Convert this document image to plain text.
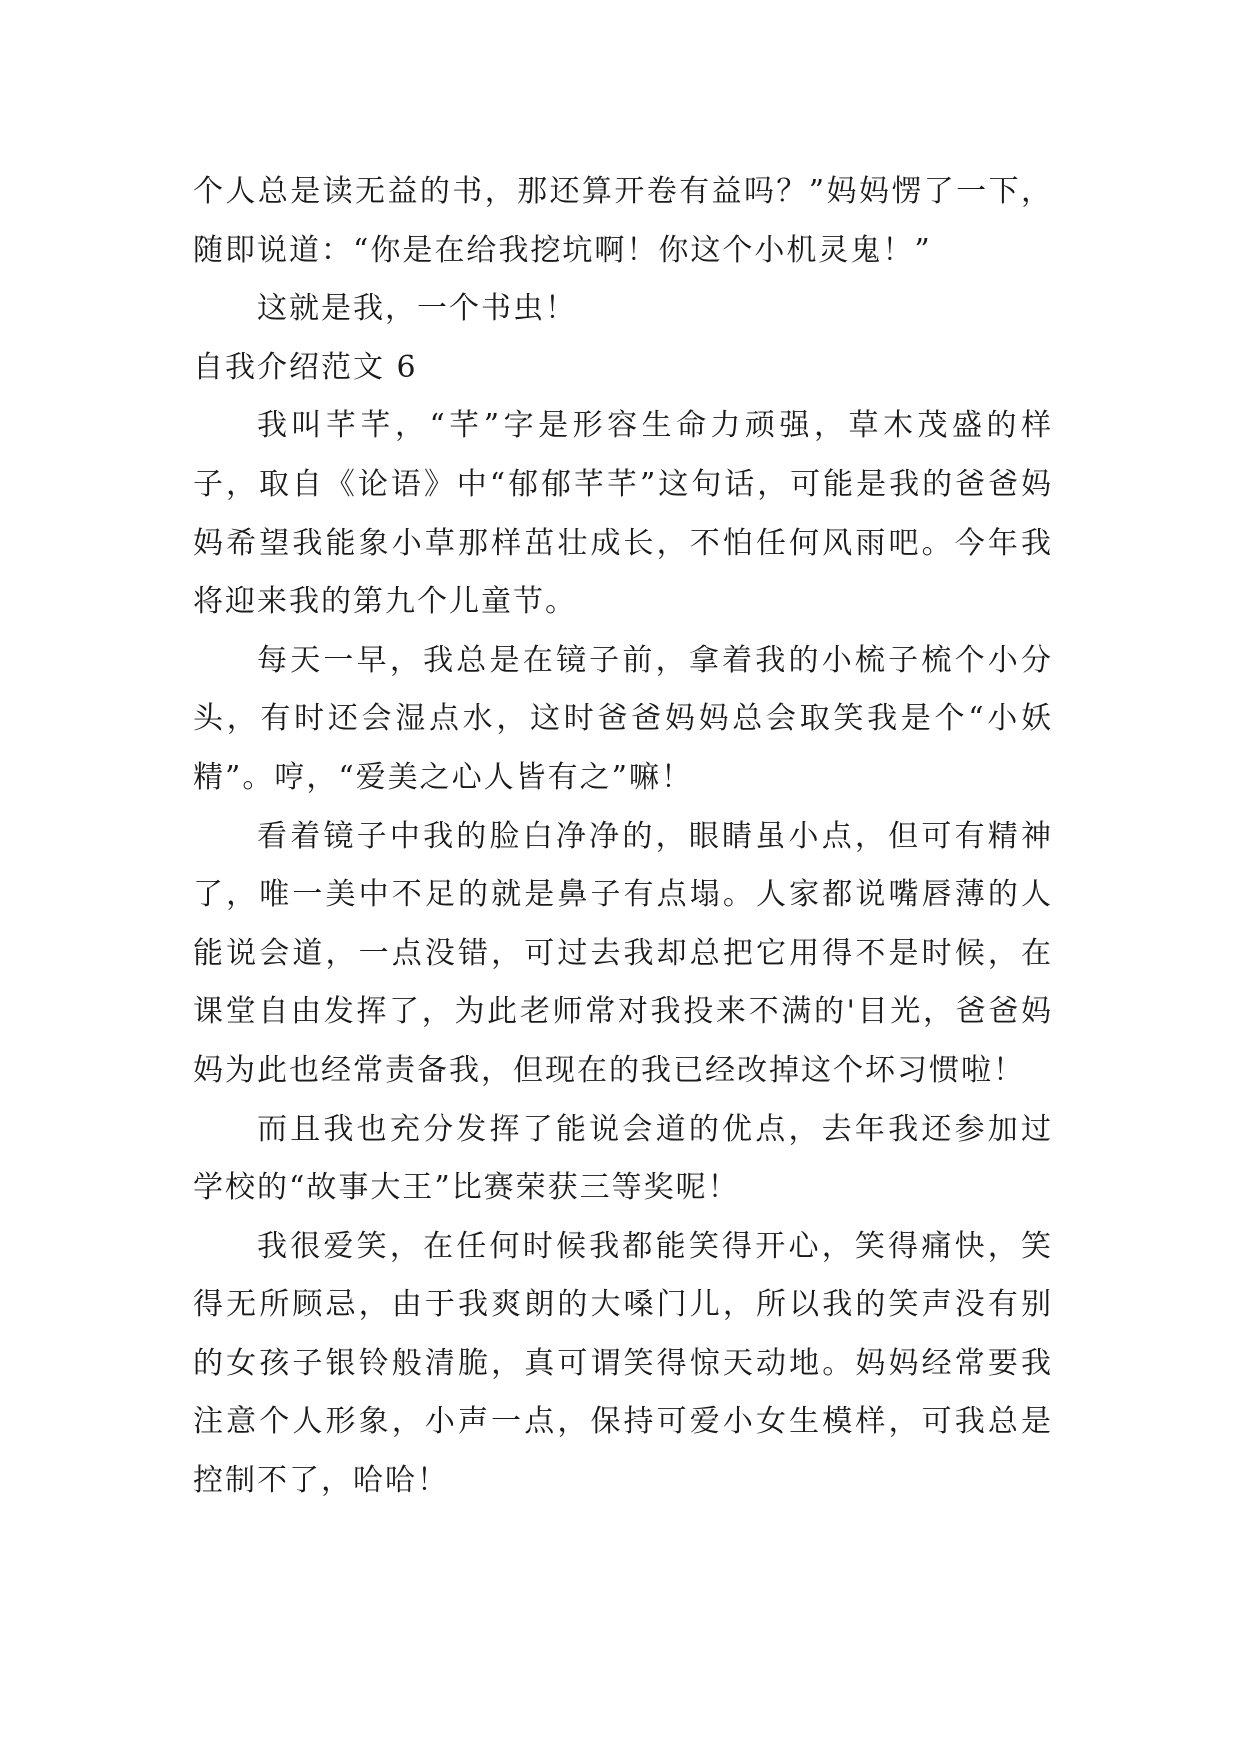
个人总是读无益的书，那还算开卷有益吗？”妈妈愣了一下，随即说道：“你是在给我挖坑啊！你这个小机灵鬼！”

这就是我，一个书虫！

自我介绍范文 6

我叫芊芊，“芊”字是形容生命力顽强，草木茂盛的样子，取自《论语》中“郁郁芊芊”这句话，可能是我的爸爸妈妈希望我能象小草那样茁壮成长，不怕任何风雨吧。今年我将迎来我的第九个儿童节。

每天一早，我总是在镜子前，拿着我的小梳子梳个小分头，有时还会湿点水，这时爸爸妈妈总会取笑我是个“小妖精”。哼，“爱美之心人皆有之”嘛！

看着镜子中我的脸白净净的，眼睛虽小点，但可有精神了，唯一美中不足的就是鼻子有点塌。人家都说嘴唇薄的人能说会道，一点没错，可过去我却总把它用得不是时候，在课堂自由发挥了，为此老师常对我投来不满的'目光，爸爸妈妈为此也经常责备我，但现在的我已经改掉这个坏习惯啦！

而且我也充分发挥了能说会道的优点，去年我还参加过学校的“故事大王”比赛荣获三等奖呢！

我很爱笑，在任何时候我都能笑得开心，笑得痛快，笑得无所顾忌，由于我爽朗的大嗓门儿，所以我的笑声没有别的女孩子银铃般清脆，真可谓笑得惊天动地。妈妈经常要我注意个人形象，小声一点，保持可爱小女生模样，可我总是控制不了，哈哈！
